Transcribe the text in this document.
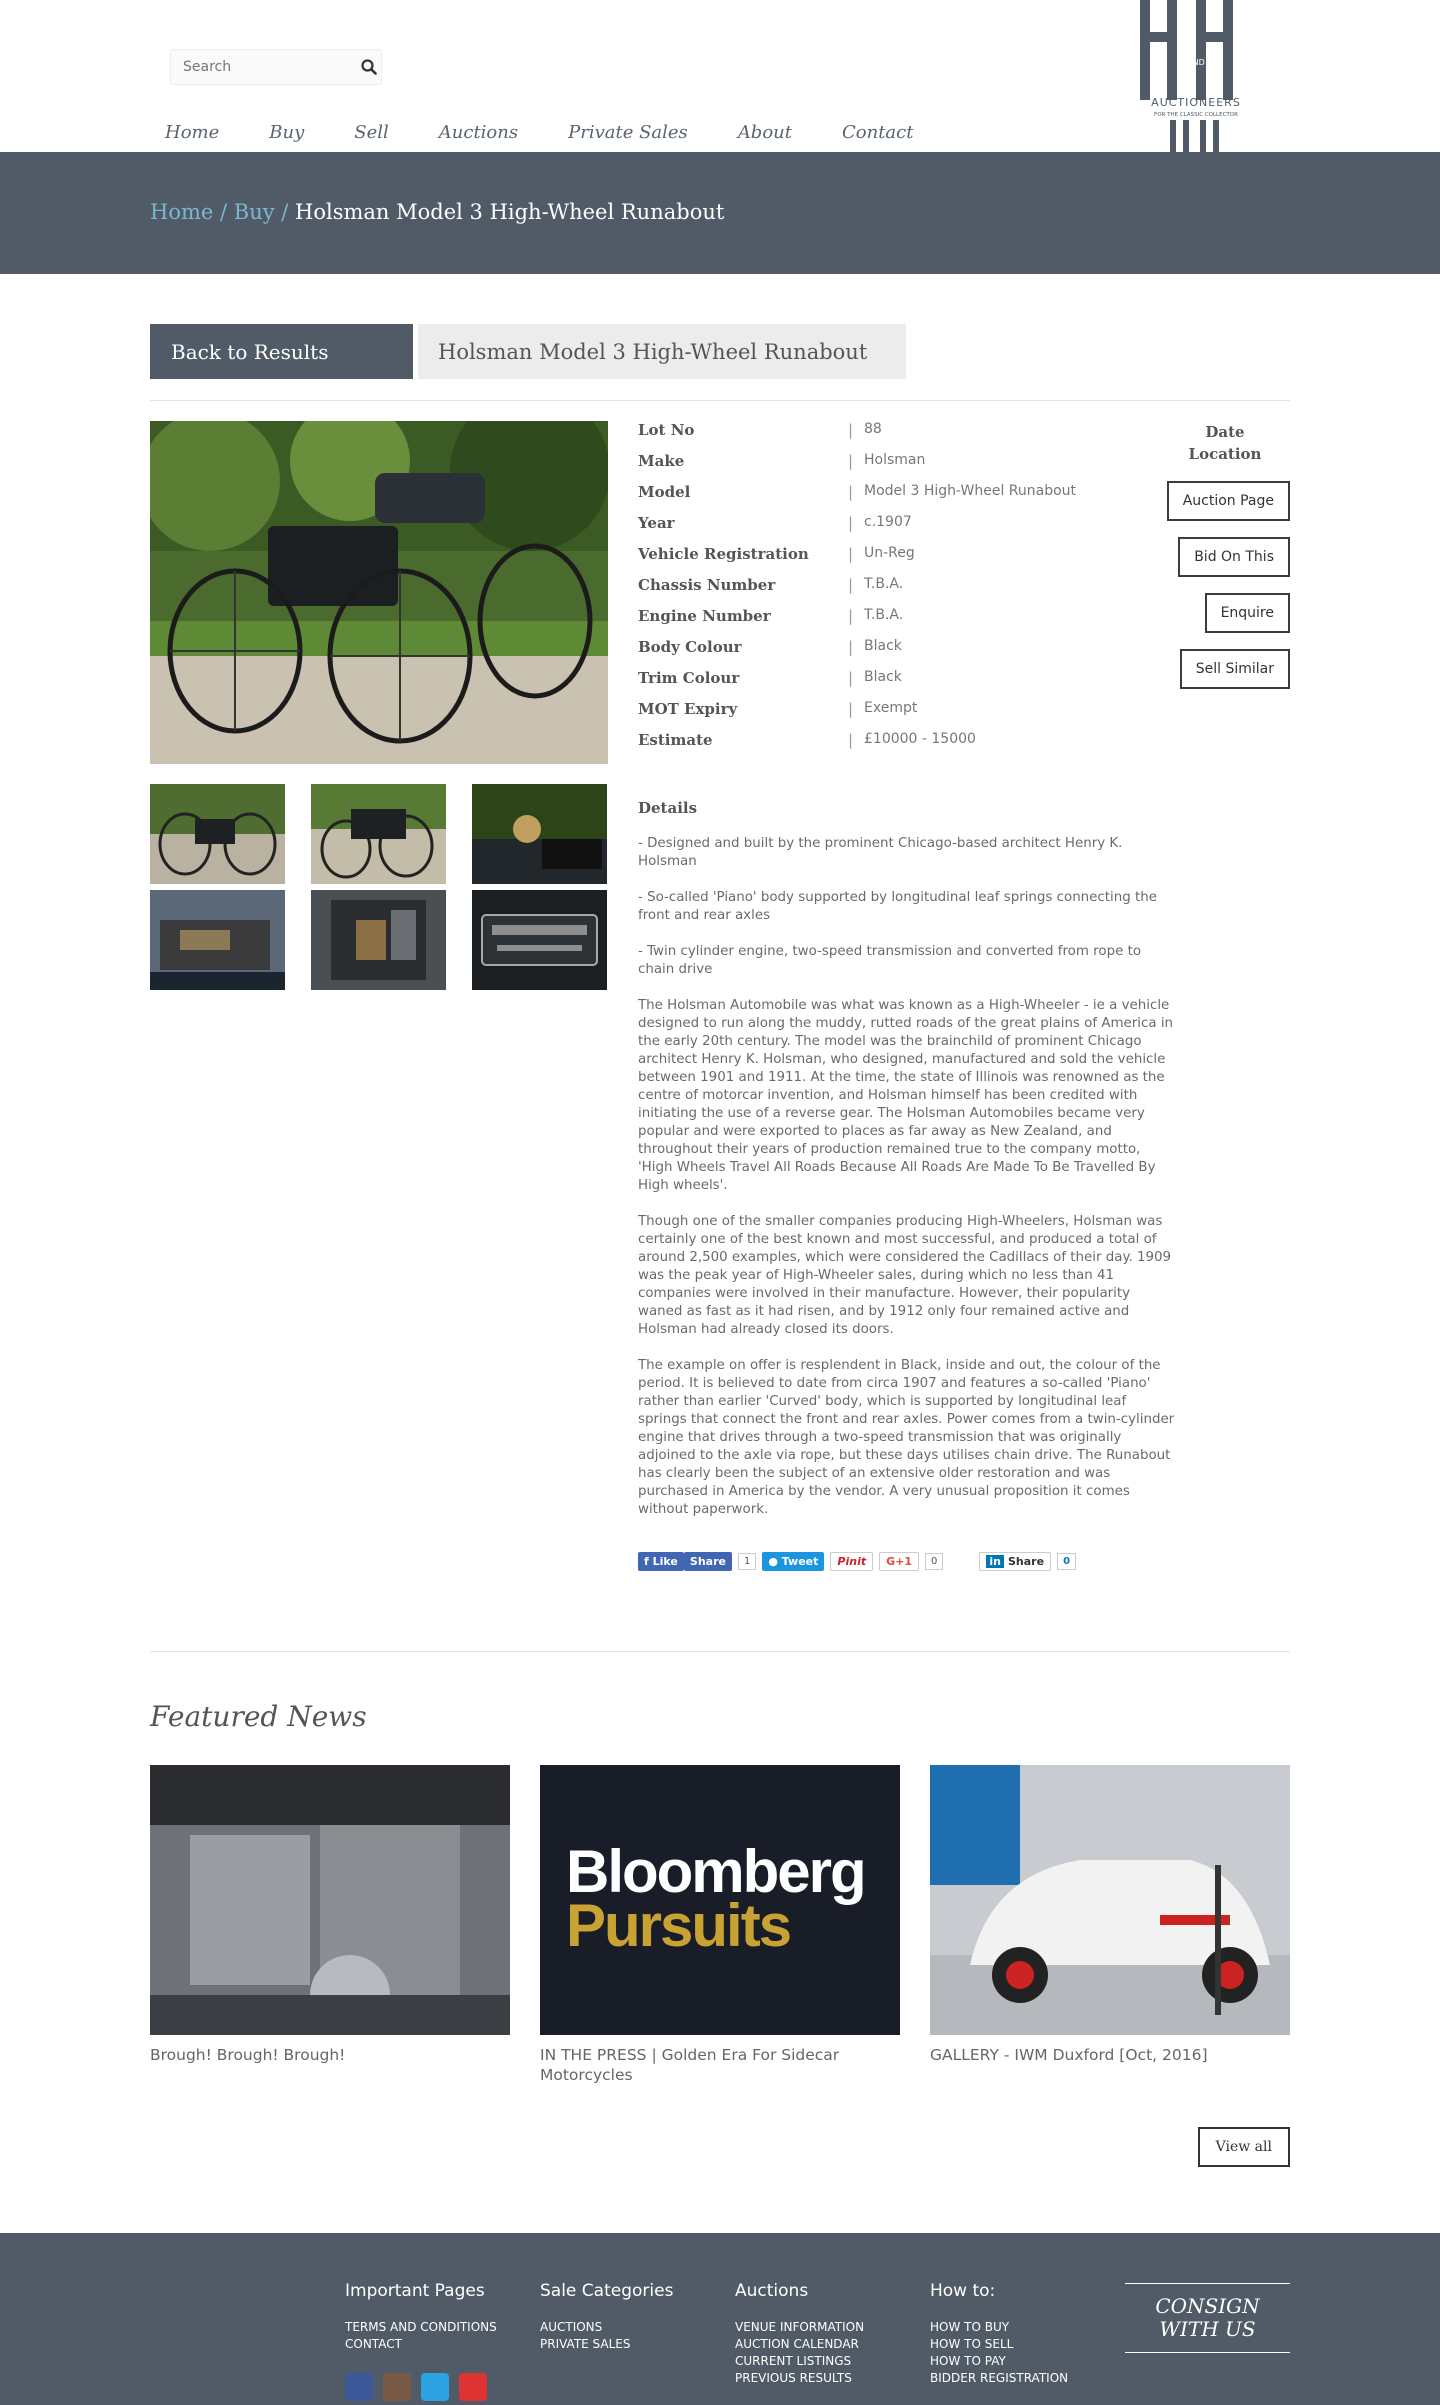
Search
Home	Buy	Sell	Auctions	Private Sales	About	Contact
AND
AUCTIONEERS
FOR THE CLASSIC COLLECTOR
Home / Buy / Holsman Model 3 High-Wheel Runabout
Back to Results	Holsman Model 3 High-Wheel Runabout
Lot No	| 88
Make	| Holsman
Model	| Model 3 High-Wheel Runabout
Year	| c.1907
Vehicle Registration	| Un-Reg
Chassis Number	| T.B.A.
Engine Number	| T.B.A.
Body Colour	| Black
Trim Colour	| Black
MOT Expiry	| Exempt
Estimate	| £10000 - 15000
Details

- Designed and built by the prominent Chicago-based architect Henry K. Holsman

- So-called 'Piano' body supported by longitudinal leaf springs connecting the front and rear axles

- Twin cylinder engine, two-speed transmission and converted from rope to chain drive

The Holsman Automobile was what was known as a High-Wheeler - ie a vehicle designed to run along the muddy, rutted roads of the great plains of America in the early 20th century. The model was the brainchild of prominent Chicago architect Henry K. Holsman, who designed, manufactured and sold the vehicle between 1901 and 1911. At the time, the state of Illinois was renowned as the centre of motorcar invention, and Holsman himself has been credited with initiating the use of a reverse gear. The Holsman Automobiles became very popular and were exported to places as far away as New Zealand, and throughout their years of production remained true to the company motto, 'High Wheels Travel All Roads Because All Roads Are Made To Be Travelled By High wheels'.

Though one of the smaller companies producing High-Wheelers, Holsman was certainly one of the best known and most successful, and produced a total of around 2,500 examples, which were considered the Cadillacs of their day. 1909 was the peak year of High-Wheeler sales, during which no less than 41 companies were involved in their manufacture. However, their popularity waned as fast as it had risen, and by 1912 only four remained active and Holsman had already closed its doors.

The example on offer is resplendent in Black, inside and out, the colour of the period. It is believed to date from circa 1907 and features a so-called 'Piano' rather than earlier 'Curved' body, which is supported by longitudinal leaf springs that connect the front and rear axles. Power comes from a twin-cylinder engine that drives through a two-speed transmission that was originally adjoined to the axle via rope, but these days utilises chain drive. The Runabout has clearly been the subject of an extensive older restoration and was purchased in America by the vendor. A very unusual proposition it comes without paperwork.

f Like	Share	1	● Tweet	Pinit	G+1	0	in Share	0
Date
Location
Auction Page
Bid On This
Enquire
Sell Similar
Featured News
Brough! Brough! Brough!
Bloomberg
Pursuits
IN THE PRESS | Golden Era For Sidecar Motorcycles
GALLERY - IWM Duxford [Oct, 2016]
View all
Important Pages
TERMS AND CONDITIONS
CONTACT
Sale Categories
AUCTIONS
PRIVATE SALES
Auctions
VENUE INFORMATION
AUCTION CALENDAR
CURRENT LISTINGS
PREVIOUS RESULTS
How to:
HOW TO BUY
HOW TO SELL
HOW TO PAY
BIDDER REGISTRATION
CONSIGN WITH US
